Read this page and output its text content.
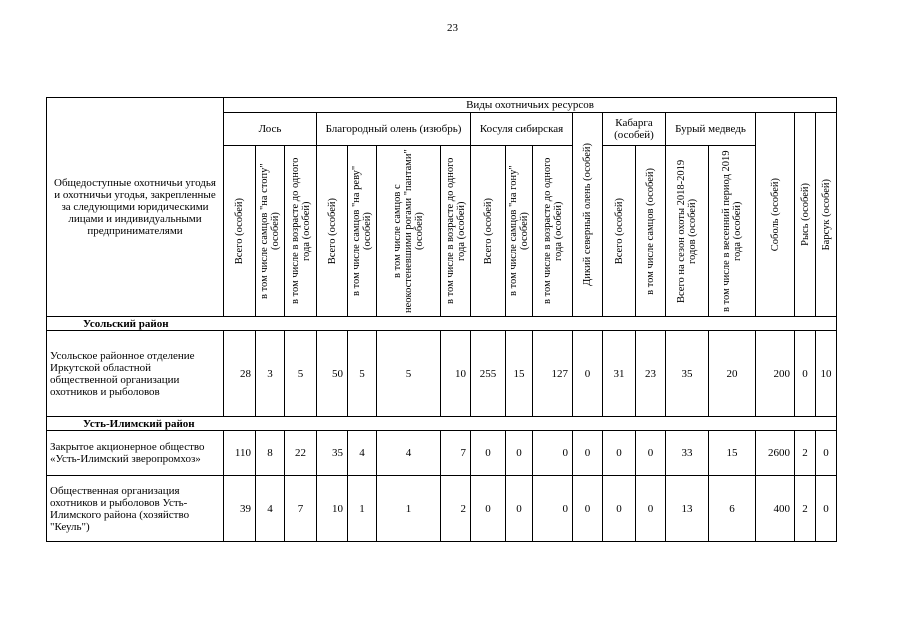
23
Общедоступные охотничьи угодья и охотничьи угодья, закрепленные за следующими юридическими лицами и индивидуальными предпринимателями	Виды охотничьих ресурсов																	
	Лось			Благородный олень (изюбрь)				Косуля сибирская			Дикий северный олень (особей)	Кабарга (особей)		Бурый медведь		Соболь (особей)	Рысь (особей)	Барсук (особей)

	Всего (особей)	в том числе самцов "на стопу" (особей)	в том числе в возрасте до одного года (особей)	Всего (особей)	в том числе самцов "на реву" (особей)	в том числе самцов с неокостеневшими рогами "пантами" (особей)	в том числе в возрасте до одного года (особей)	Всего (особей)	в том числе самцов "на гону" (особей)	в том числе в возрасте до одного года (особей)		Всего (особей)	в том числе самцов (особей)	Всего на сезон охоты 2018-2019 годов (особей)	в том числе в весенний период 2019 года (особей)			

Усольский район																		
Усольское районное отделение Иркутской областной общественной организации охотников и рыболовов	28	3	5	50	5	5	10	255	15	127	0	31	23	35	20	200	0	10
Усть-Илимский район																		
Закрытое акционерное общество «Усть-Илимский зверопромхоз»	110	8	22	35	4	4	7	0	0	0	0	0	0	33	15	2600	2	0
Общественная организация охотников и рыболовов Усть-Илимского района (хозяйство "Кеуль")	39	4	7	10	1	1	2	0	0	0	0	0	0	13	6	400	2	0
